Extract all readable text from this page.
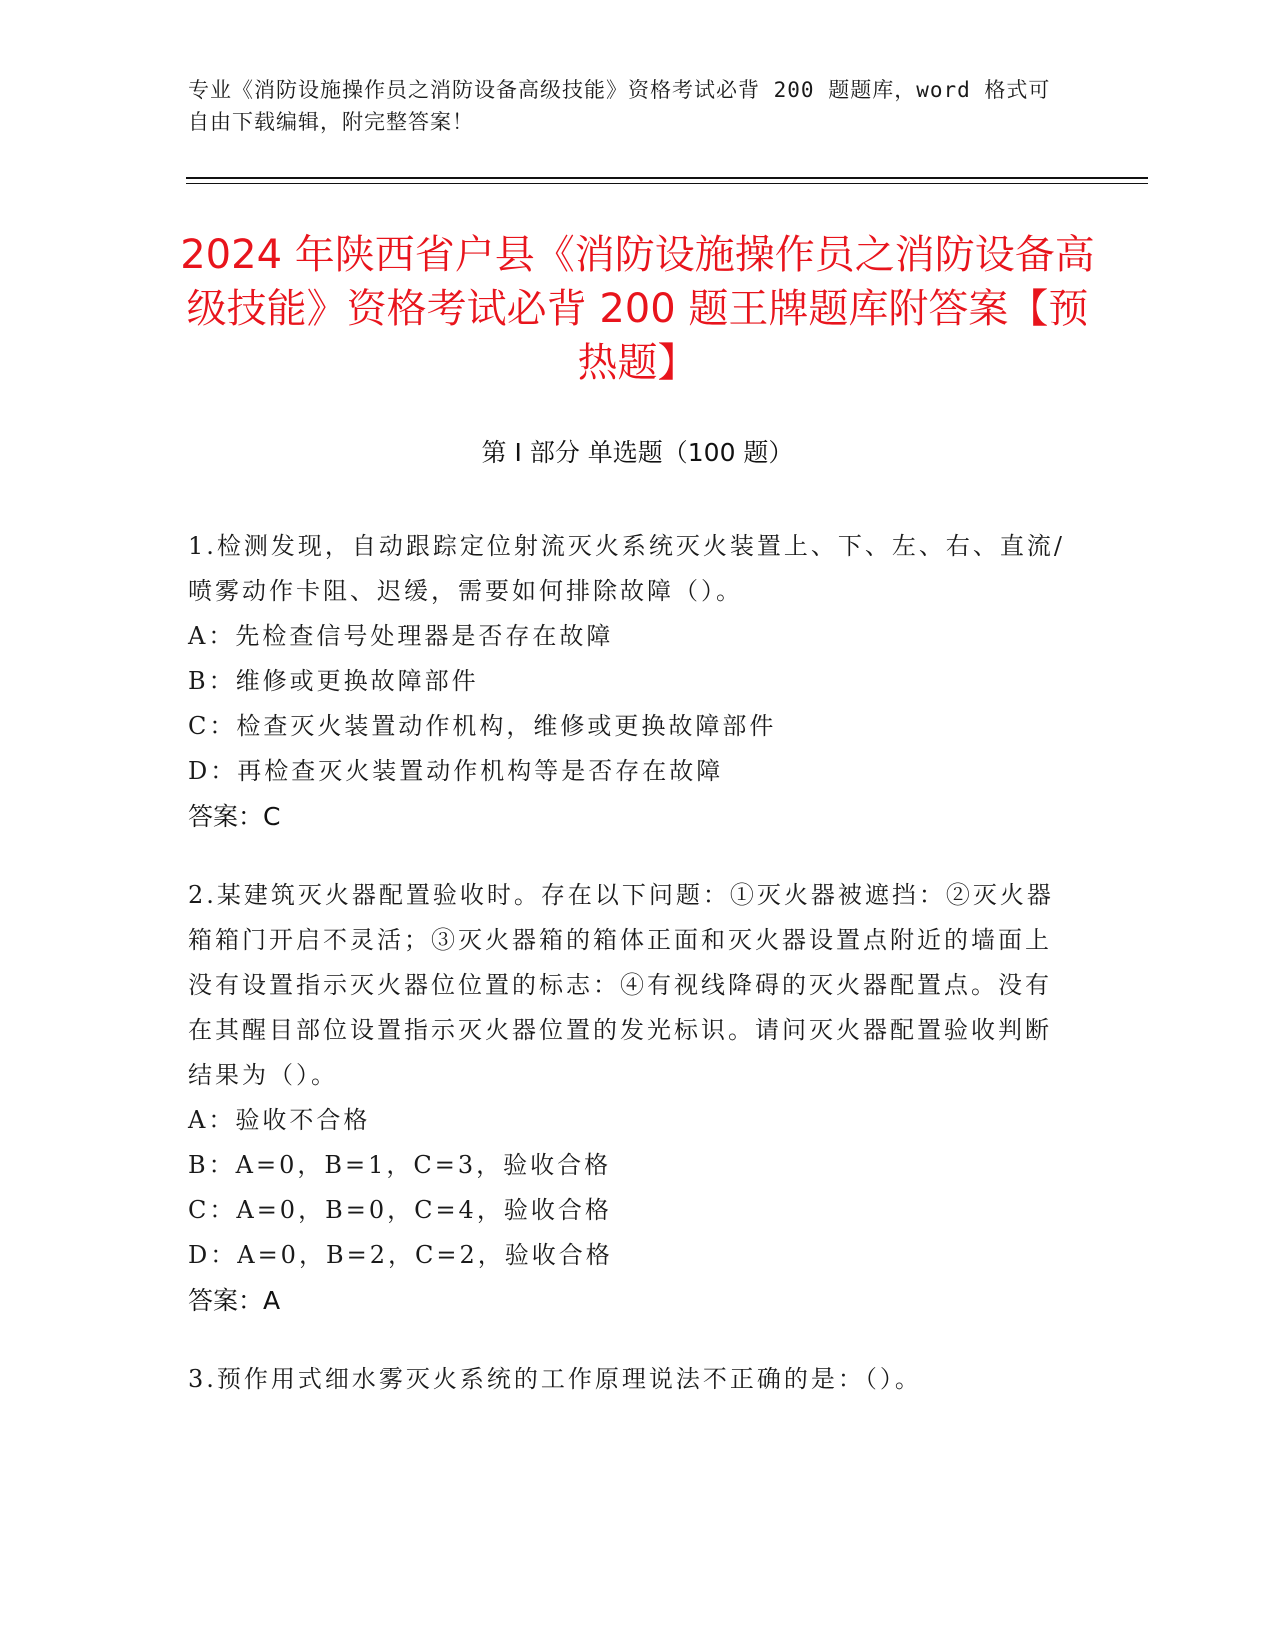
专业《消防设施操作员之消防设备高级技能》资格考试必背 200 题题库，word 格式可自由下载编辑，附完整答案！
2024 年陕西省户县《消防设施操作员之消防设备高级技能》资格考试必背 200 题王牌题库附答案【预热题】
第 I 部分 单选题（100 题）

1.检测发现，自动跟踪定位射流灭火系统灭火装置上、下、左、右、直流/喷雾动作卡阻、迟缓，需要如何排除故障（）。

A：先检查信号处理器是否存在故障

B：维修或更换故障部件

C：检查灭火装置动作机构，维修或更换故障部件

D：再检查灭火装置动作机构等是否存在故障

答案：C

2.某建筑灭火器配置验收时。存在以下问题：①灭火器被遮挡：②灭火器箱箱门开启不灵活；③灭火器箱的箱体正面和灭火器设置点附近的墙面上没有设置指示灭火器位位置的标志：④有视线降碍的灭火器配置点。没有在其醒目部位设置指示灭火器位置的发光标识。请问灭火器配置验收判断结果为（）。

A：验收不合格

B：A=0，B=1，C=3，验收合格

C：A=0，B=0，C=4，验收合格

D：A=0，B=2，C=2，验收合格

答案：A

3.预作用式细水雾灭火系统的工作原理说法不正确的是：（）。
